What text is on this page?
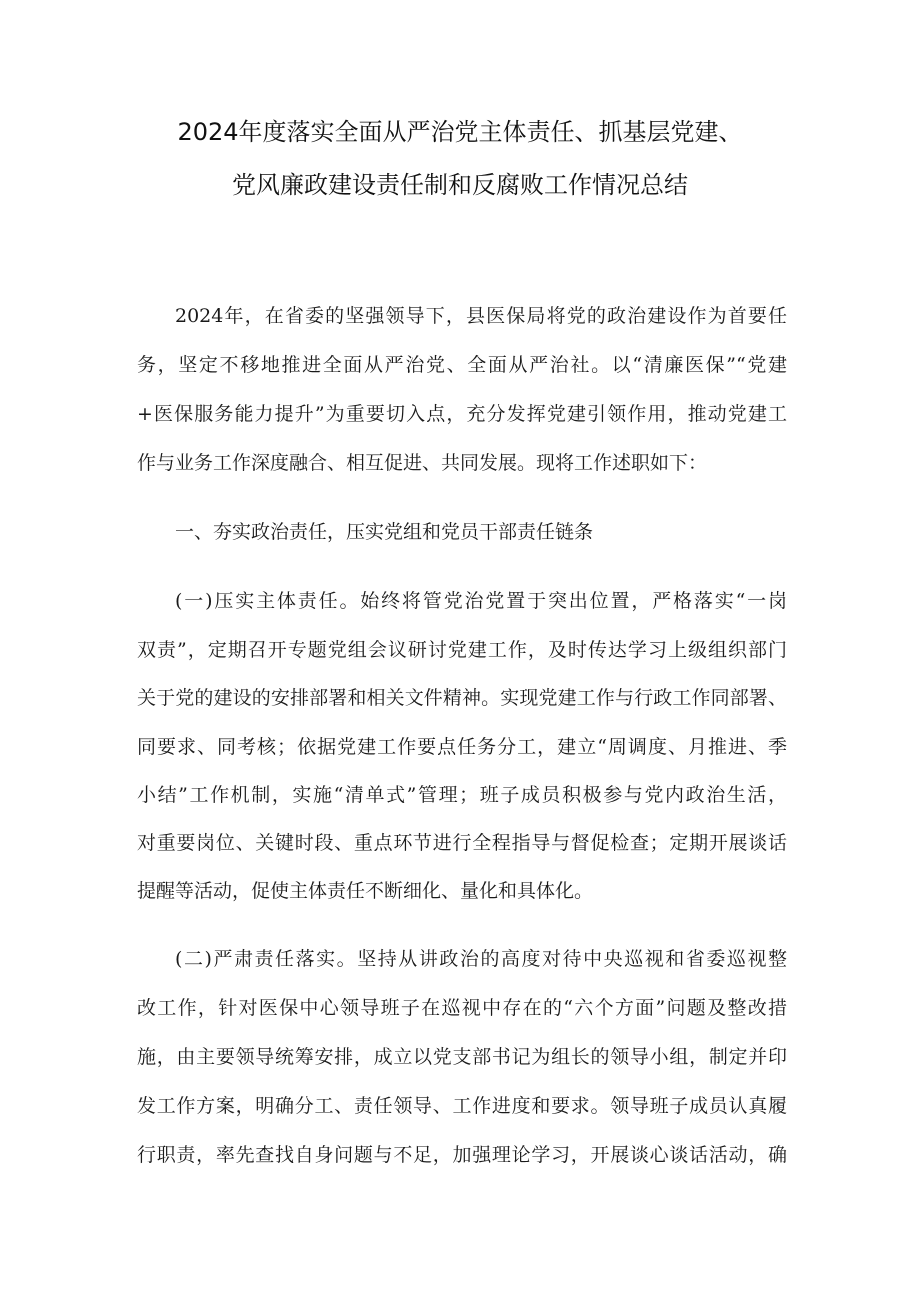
2024年度落实全面从严治党主体责任、抓基层党建、
党风廉政建设责任制和反腐败工作情况总结
2024年，在省委的坚强领导下，县医保局将党的政治建设作为首要任
务，坚定不移地推进全面从严治党、全面从严治社。以“清廉医保”“党建
+医保服务能力提升”为重要切入点，充分发挥党建引领作用，推动党建工
作与业务工作深度融合、相互促进、共同发展。现将工作述职如下：
一、夯实政治责任，压实党组和党员干部责任链条
(一)压实主体责任。始终将管党治党置于突出位置，严格落实“一岗
双责”，定期召开专题党组会议研讨党建工作，及时传达学习上级组织部门
关于党的建设的安排部署和相关文件精神。实现党建工作与行政工作同部署、
同要求、同考核；依据党建工作要点任务分工，建立“周调度、月推进、季
小结”工作机制，实施“清单式”管理；班子成员积极参与党内政治生活，
对重要岗位、关键时段、重点环节进行全程指导与督促检查；定期开展谈话
提醒等活动，促使主体责任不断细化、量化和具体化。
(二)严肃责任落实。坚持从讲政治的高度对待中央巡视和省委巡视整
改工作，针对医保中心领导班子在巡视中存在的“六个方面”问题及整改措
施，由主要领导统筹安排，成立以党支部书记为组长的领导小组，制定并印
发工作方案，明确分工、责任领导、工作进度和要求。领导班子成员认真履
行职责，率先查找自身问题与不足，加强理论学习，开展谈心谈话活动，确
